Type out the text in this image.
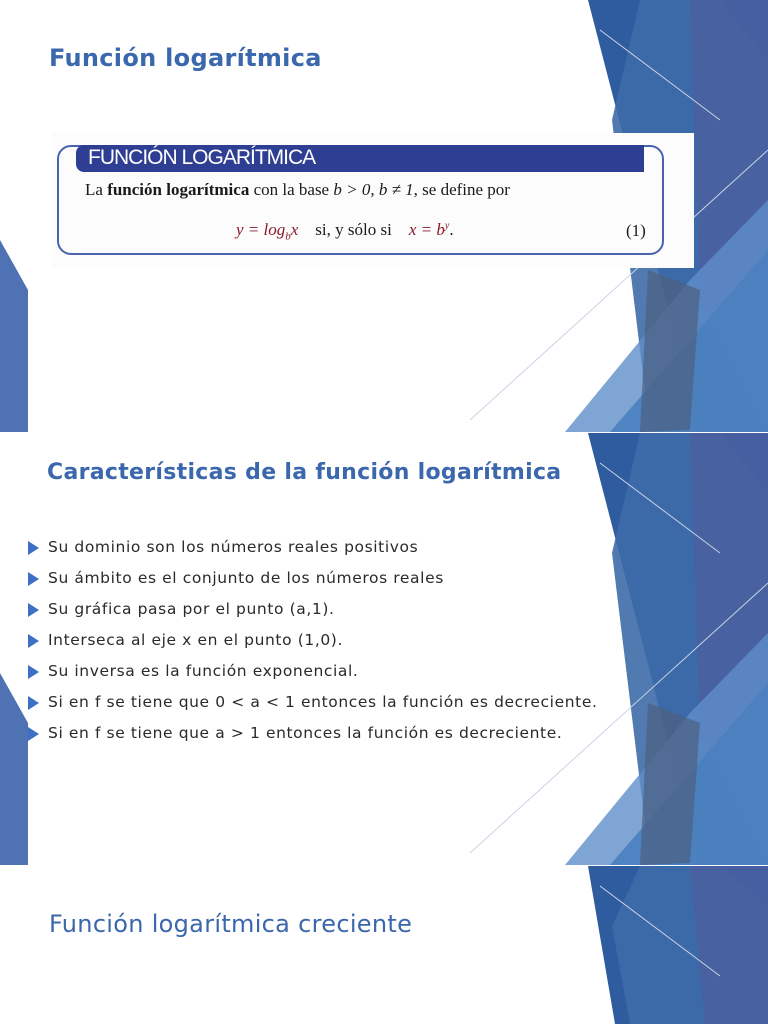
Función logarítmica
FUNCIÓN LOGARÍTMICA
La función logarítmica con la base b > 0, b ≠ 1, se define por
$y = \log_bx$ si, y sólo si $x = b^y$.	(1)
Características de la función logarítmica
Su dominio son los números reales positivos
Su ámbito es el conjunto de los números reales
Su gráfica pasa por el punto (a,1).
Interseca al eje x en el punto (1,0).
Su inversa es la función exponencial.
Si en f se tiene que 0 < a < 1 entonces la función es decreciente.
Si en f se tiene que a > 1 entonces la función es decreciente.
Función logarítmica creciente
